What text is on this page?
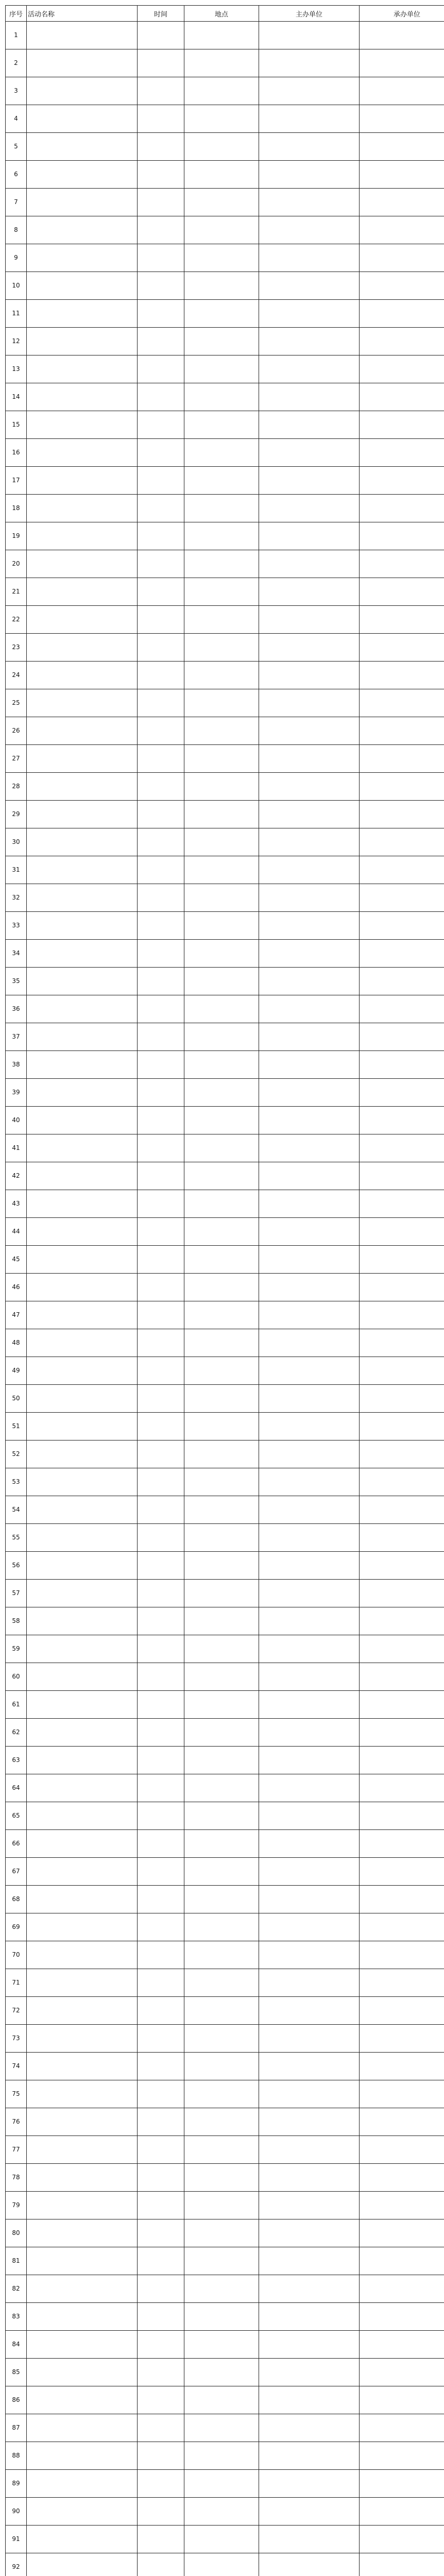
序号	活动名称	时间	地点	主办单位	承办单位
1					
2					
3					
4					
5					
6					
7					
8					
9					
10					
11					
12					
13					
14					
15					
16					
17					
18					
19					
20					
21					
22					
23					
24					
25					
26					
27					
28					
29					
30					
31					
32					
33					
34					
35					
36					
37					
38					
39					
40					
41					
42					
43					
44					
45					
46					
47					
48					
49					
50					
51					
52					
53					
54					
55					
56					
57					
58					
59					
60					
61					
62					
63					
64					
65					
66					
67					
68					
69					
70					
71					
72					
73					
74					
75					
76					
77					
78					
79					
80					
81					
82					
83					
84					
85					
86					
87					
88					
89					
90					
91					
92					
